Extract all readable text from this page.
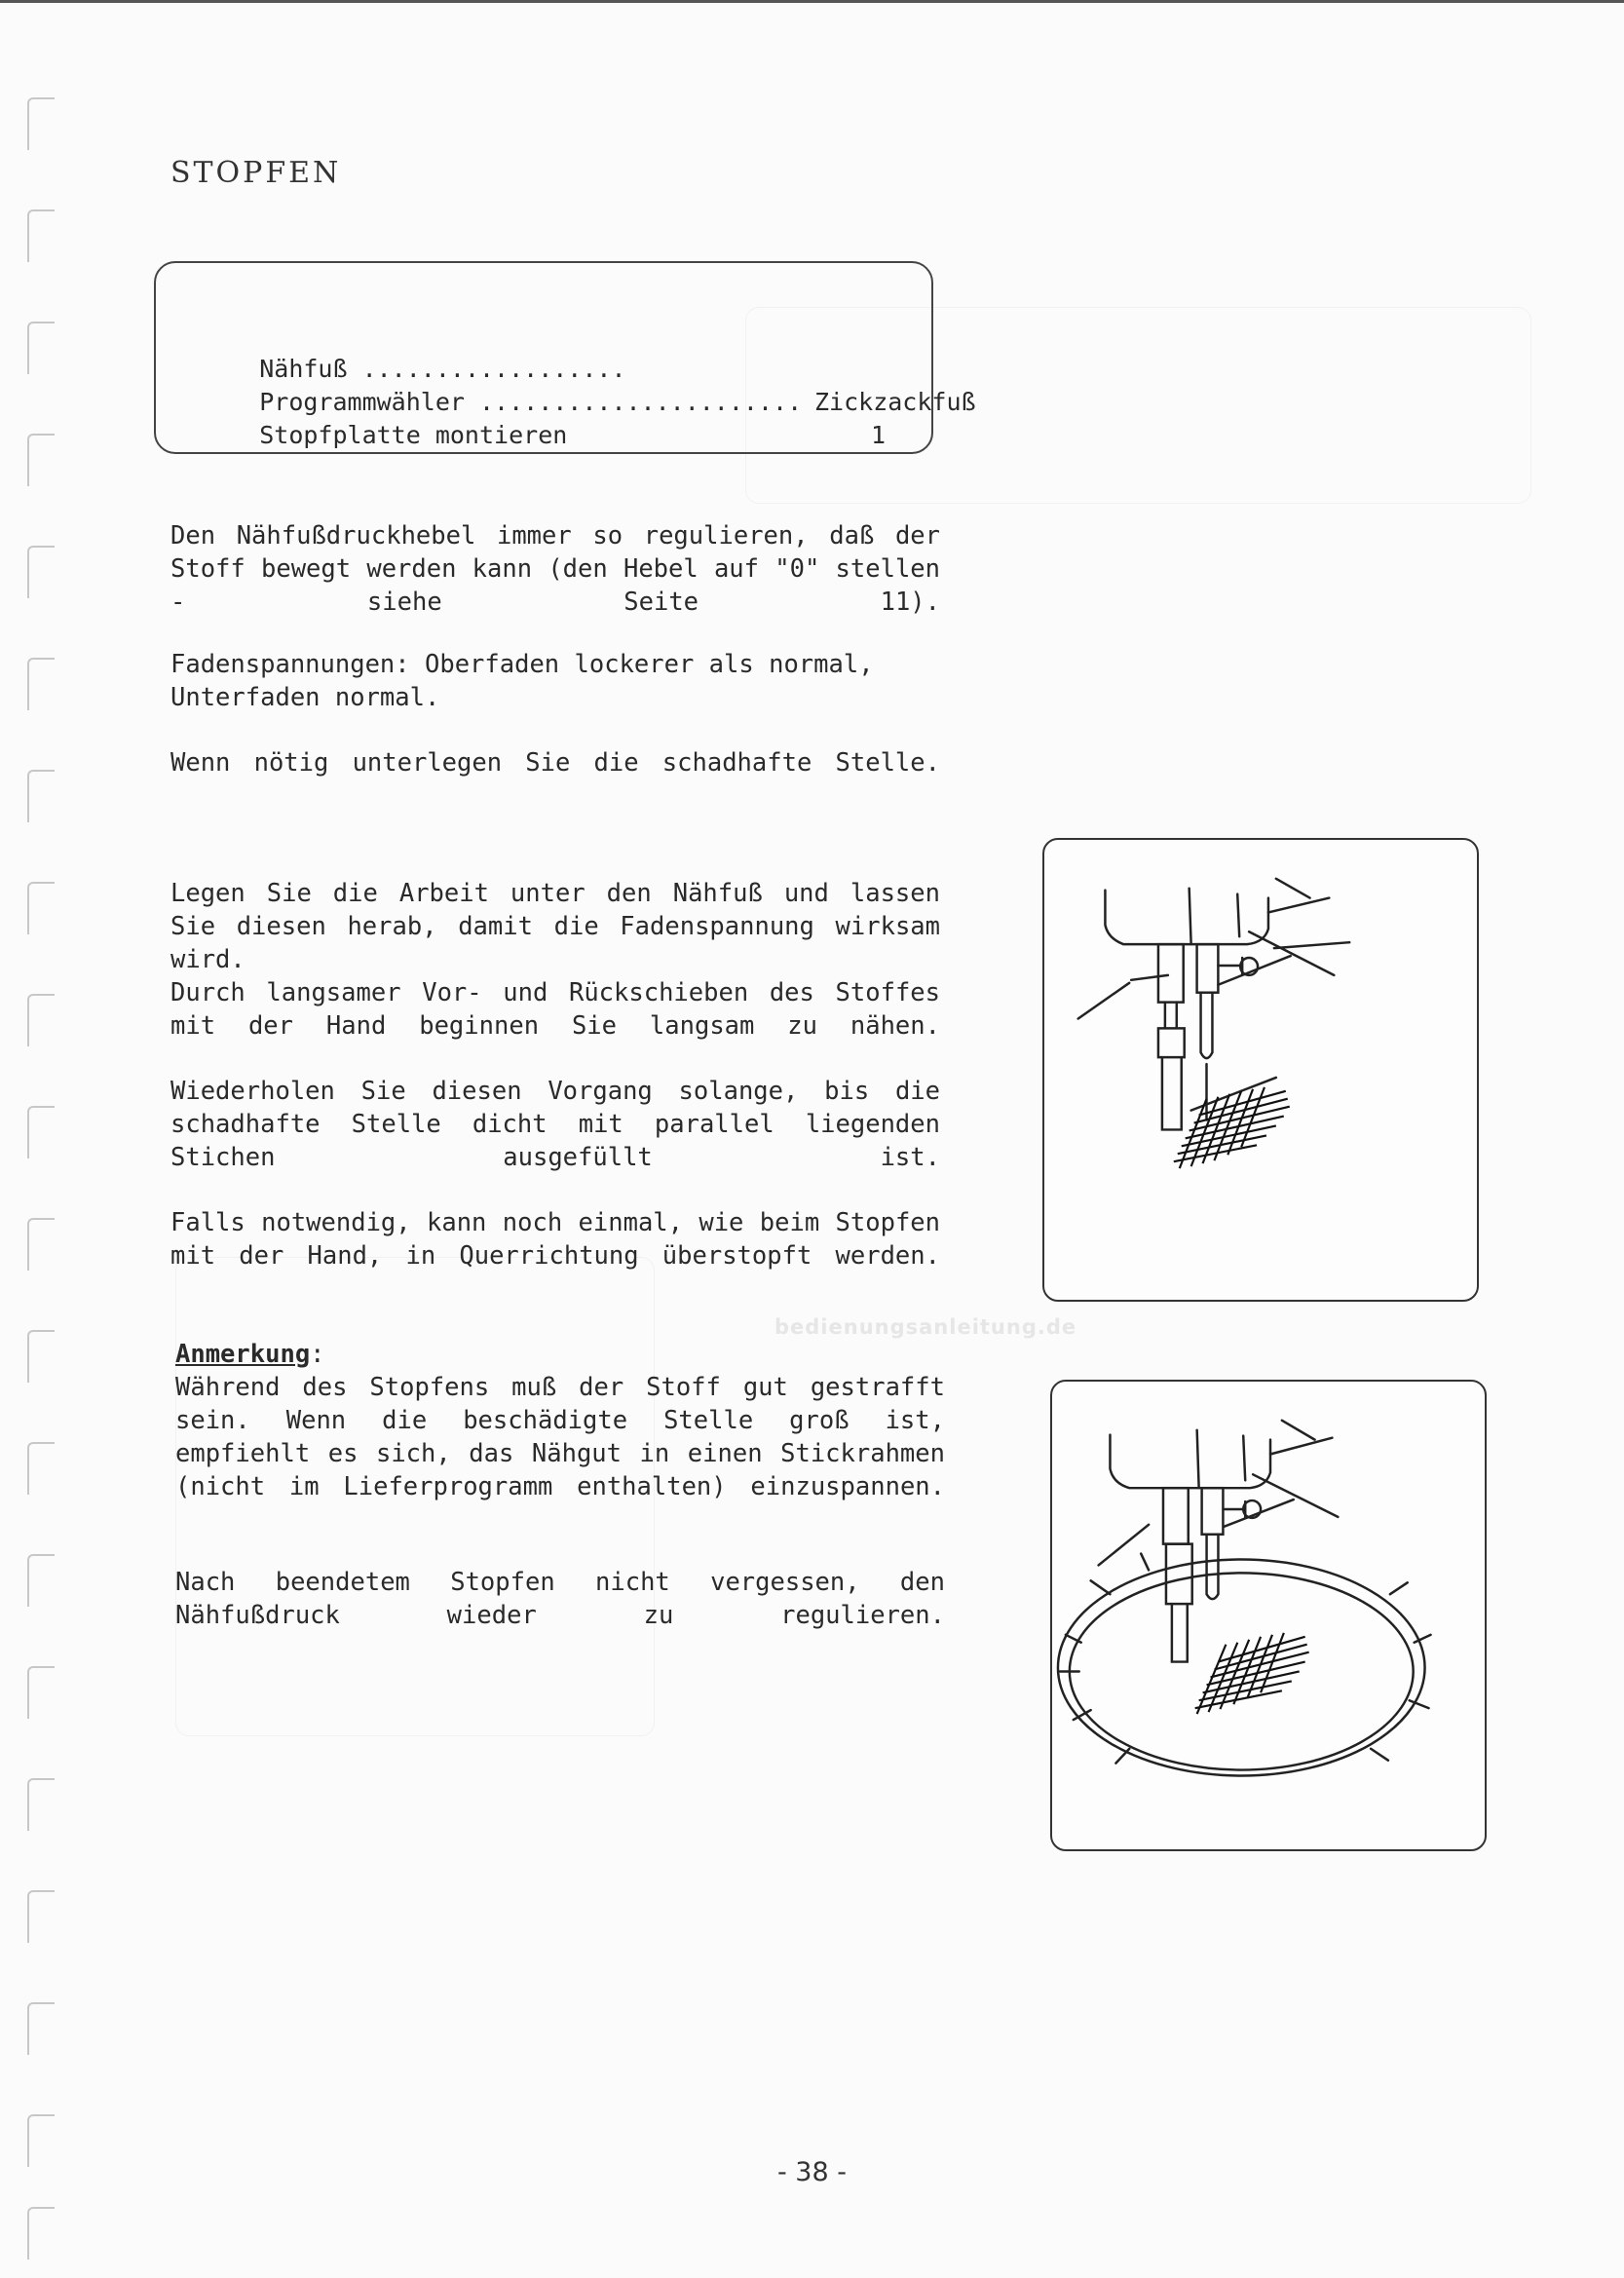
STOPFEN

Nähfuß ..................

Zickzackfuß

Programmwähler ......................

1

Stopfplatte montieren

Den Nähfußdruckhebel immer so regulieren, daß der Stoff bewegt werden kann (den Hebel auf "0" stellen - siehe Seite 11).
Fadenspannungen: Oberfaden lockerer als normal, Unterfaden normal.
Wenn nötig unterlegen Sie die schadhafte Stelle.
Legen Sie die Arbeit unter den Nähfuß und lassen Sie diesen herab, damit die Fadenspannung wirksam wird.
Durch langsamer Vor- und Rückschieben des Stoffes mit der Hand beginnen Sie langsam zu nähen.
Wiederholen Sie diesen Vorgang solange, bis die schadhafte Stelle dicht mit parallel liegenden Stichen ausgefüllt ist.
Falls notwendig, kann noch einmal, wie beim Stopfen mit der Hand, in Querrichtung überstopft werden.
Anmerkung:
Während des Stopfens muß der Stoff gut gestrafft sein. Wenn die beschädigte Stelle groß ist, empfiehlt es sich, das Nähgut in einen Stickrahmen (nicht im Lieferprogramm enthalten) einzuspannen.
Nach beendetem Stopfen nicht vergessen, den Nähfußdruck wieder zu regulieren.
bedienungsanleitung.de
- 38 -
